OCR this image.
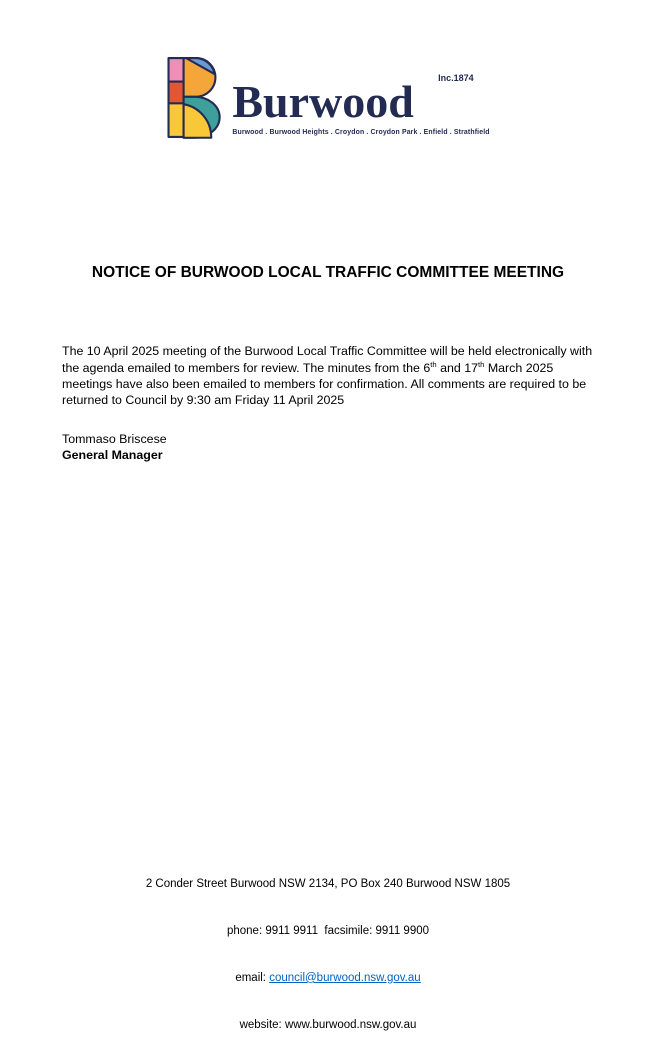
Inc.1874
Burwood
Burwood . Burwood Heights . Croydon . Croydon Park . Enfield . Strathfield
NOTICE OF BURWOOD LOCAL TRAFFIC COMMITTEE MEETING

The 10 April 2025 meeting of the Burwood Local Traffic Committee will be held electronically with the agenda emailed to members for review. The minutes from the 6th and 17th March 2025 meetings have also been emailed to members for confirmation. All comments are required to be returned to Council by 9:30 am Friday 11 April 2025

Tommaso Briscese
General Manager

2 Conder Street Burwood NSW 2134, PO Box 240 Burwood NSW 1805

phone: 9911 9911  facsimile: 9911 9900

email: council@burwood.nsw.gov.au

website: www.burwood.nsw.gov.au
